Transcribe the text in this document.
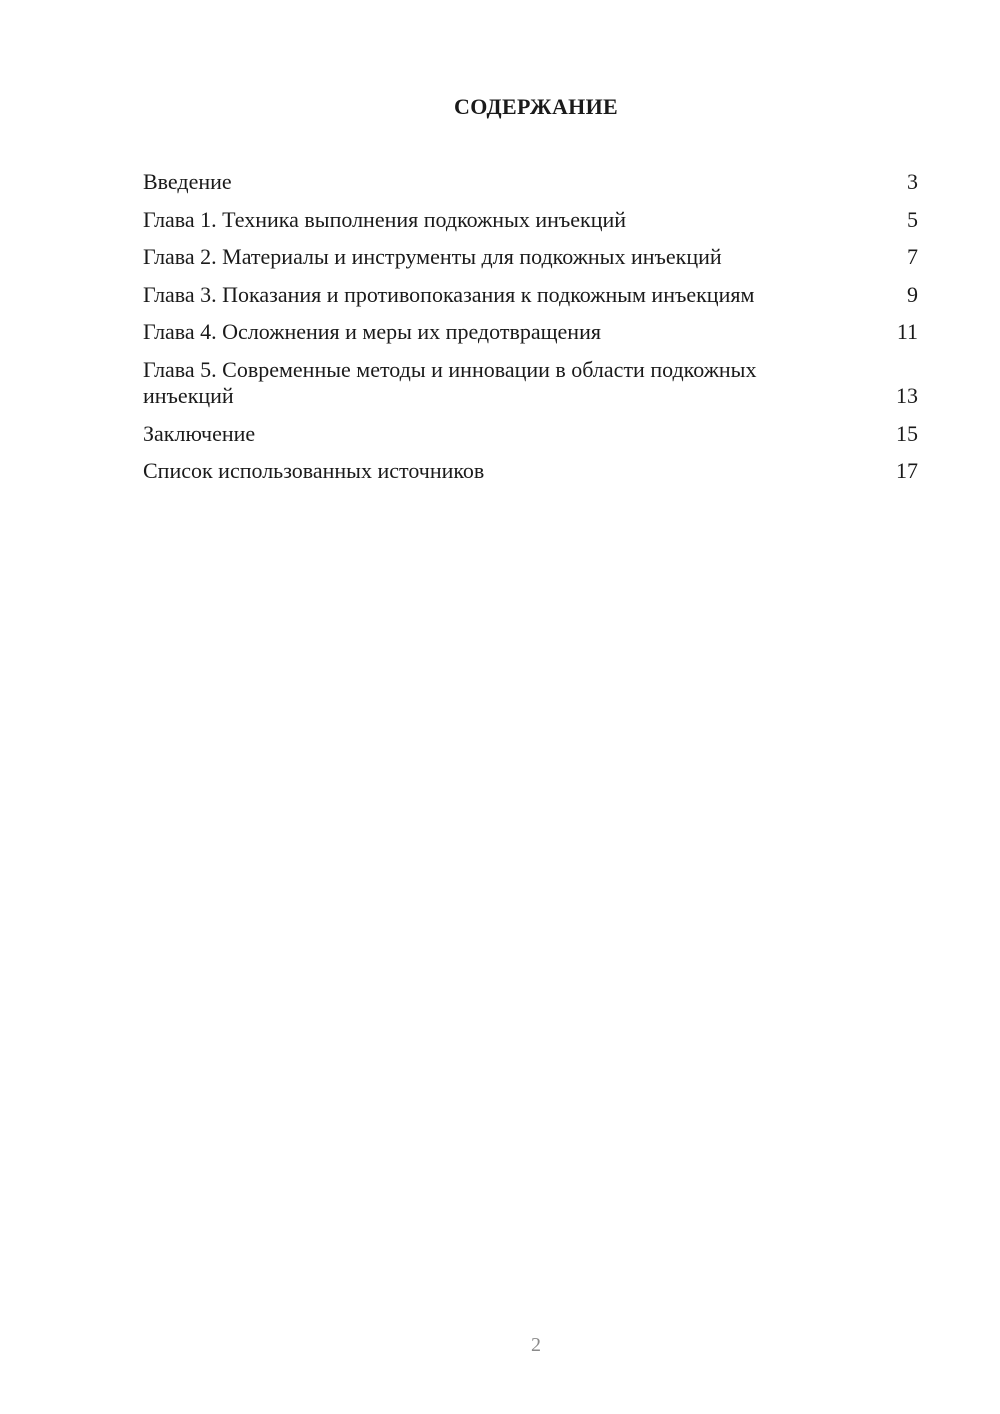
СОДЕРЖАНИЕ
Введение	3
Глава 1. Техника выполнения подкожных инъекций	5
Глава 2. Материалы и инструменты для подкожных инъекций	7
Глава 3. Показания и противопоказания к подкожным инъекциям	9
Глава 4. Осложнения и меры их предотвращения	11
Глава 5. Современные методы и инновации в области подкожных инъекций	13
Заключение	15
Список использованных источников	17
2
